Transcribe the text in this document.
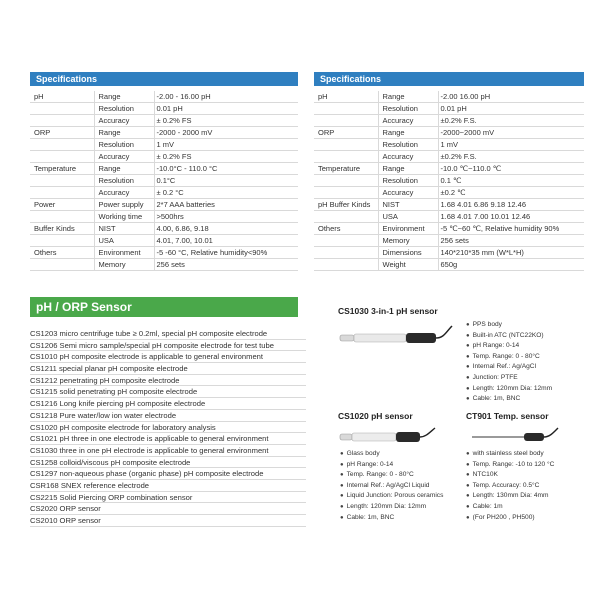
Specifications
pH	Range	-2.00 - 16.00 pH
	Resolution	0.01 pH
	Accuracy	± 0.2% FS
ORP	Range	-2000 - 2000 mV
	Resolution	1 mV
	Accuracy	± 0.2% FS
Temperature	Range	-10.0°C - 110.0 °C
	Resolution	0.1°C
	Accuracy	± 0.2 °C
Power	Power supply	2*7 AAA batteries
	Working time	>500hrs
Buffer Kinds	NIST	4.00, 6.86, 9.18
	USA	4.01, 7.00, 10.01
Others	Environment	-5 -60 °C, Relative humidity<90%
	Memory	256 sets
Specifications
pH	Range	-2.00 16.00 pH
	Resolution	0.01 pH
	Accuracy	±0.2% F.S.
ORP	Range	-2000~2000 mV
	Resolution	1 mV
	Accuracy	±0.2% F.S.
Temperature	Range	-10.0 ℃~110.0 ℃
	Resolution	0.1 ℃
	Accuracy	±0.2 ℃
pH Buffer Kinds	NIST	1.68 4.01 6.86 9.18 12.46
	USA	1.68 4.01 7.00 10.01 12.46
Others	Environment	-5 ℃~60 ℃, Relative humidity 90%
	Memory	256 sets
	Dimensions	140*210*35 mm (W*L*H)
	Weight	650g
pH / ORP Sensor
CS1203 micro centrifuge tube ≥ 0.2ml, special pH composite electrode
CS1206 Semi micro sample/special pH composite electrode for test tube
CS1010 pH composite electrode is applicable to general environment
CS1211 special planar pH composite electrode
CS1212 penetrating pH composite electrode
CS1215 solid penetrating pH composite electrode
CS1216 Long knife piercing pH composite electrode
CS1218 Pure water/low ion water electrode
CS1020 pH composite electrode for laboratory analysis
CS1021 pH three in one electrode is applicable to general environment
CS1030 three in one pH electrode is applicable to general environment
CS1258 colloid/viscous pH composite electrode
CS1297 non-aqueous phase (organic phase) pH composite electrode
CSR168 SNEX reference electrode
CS2215 Solid Piercing ORP combination sensor
CS2020 ORP sensor
CS2010 ORP sensor
CS1030 3-in-1 pH sensor
● PPS body
● Built-in ATC (NTC22KO)
● pH Range: 0-14
● Temp. Range: 0 - 80°C
● Internal Ref.: Ag/AgCl
● Junction: PTFE
● Length: 120mm Dia: 12mm
● Cable: 1m, BNC
CS1020 pH sensor
● Glass body
● pH Range: 0-14
● Temp. Range: 0 - 80°C
● Internal Ref.: Ag/AgCl Liquid
● Liquid Junction: Porous ceramics
● Length: 120mm Dia: 12mm
● Cable: 1m, BNC
CT901 Temp. sensor
● with stainless steel body
● Temp. Range: -10 to 120 °C
● NTC10K
● Temp. Accuracy: 0.5°C
● Length: 130mm Dia: 4mm
● Cable: 1m
● (For PH200 , PH500)
